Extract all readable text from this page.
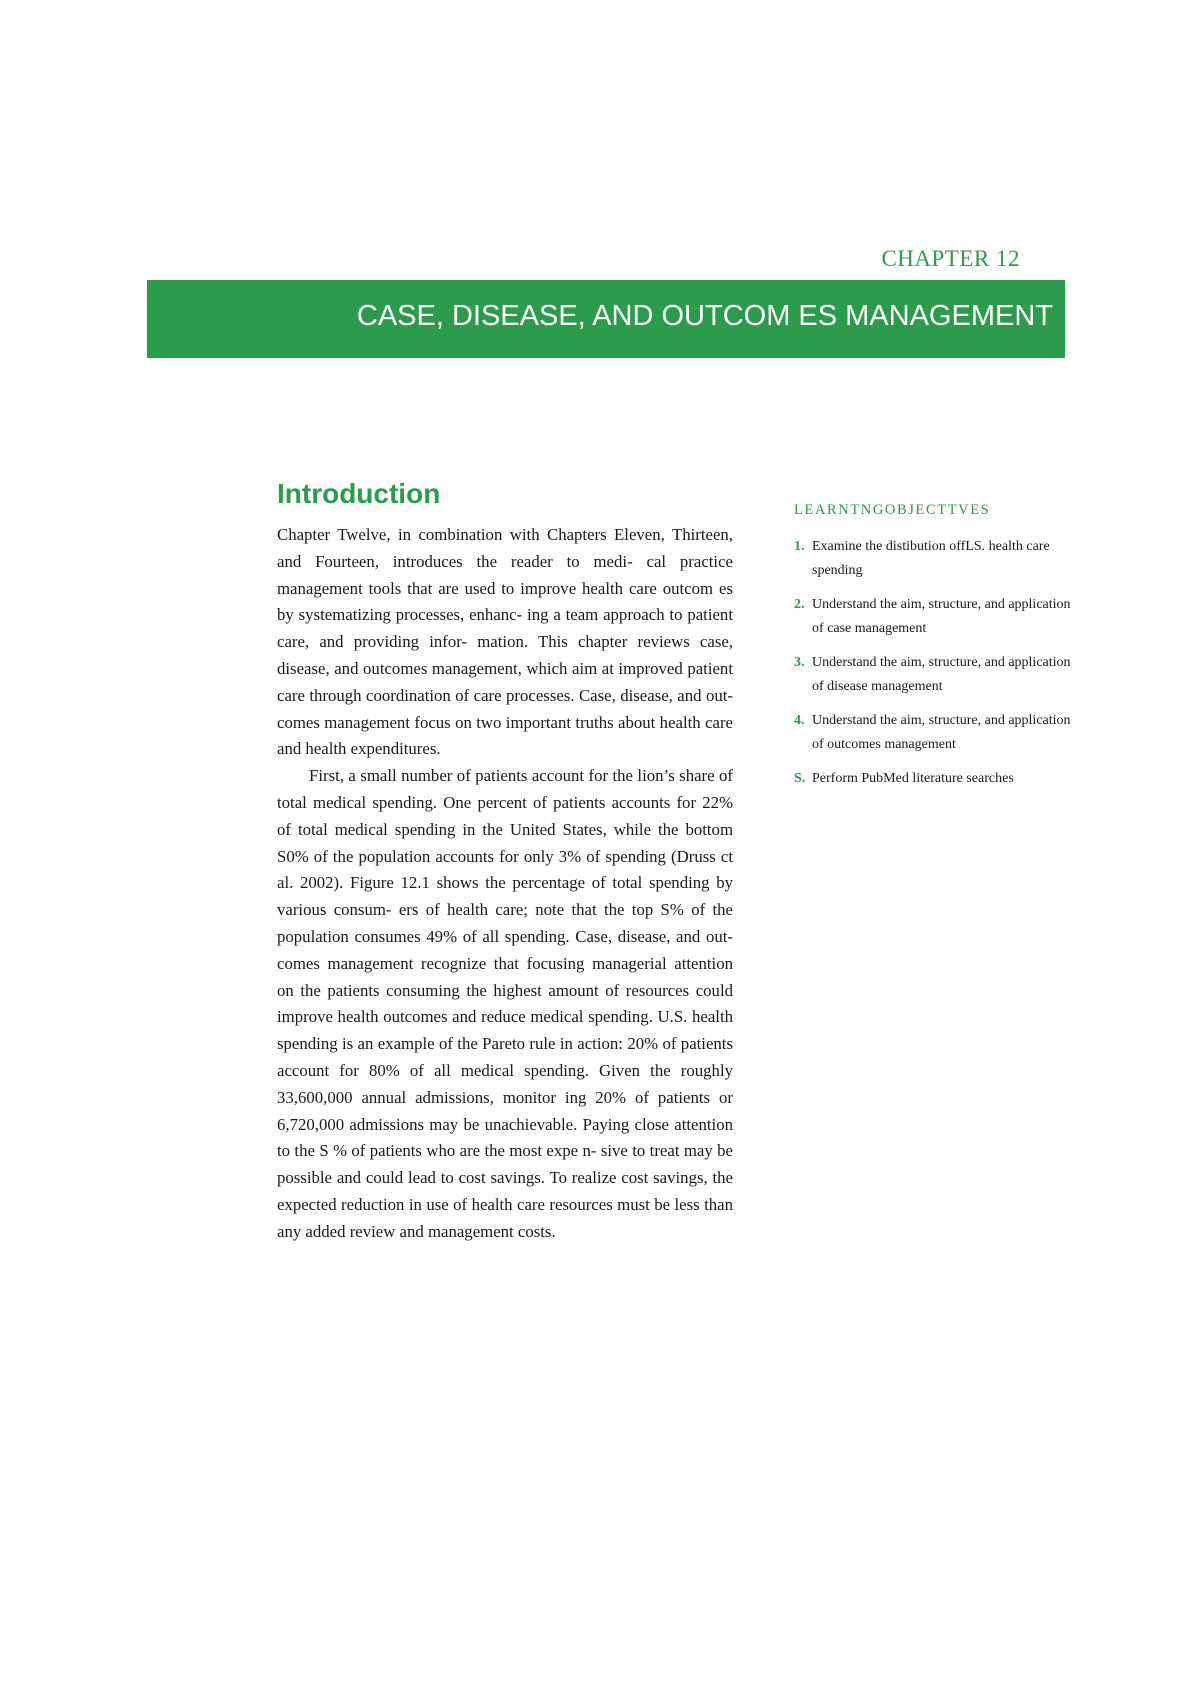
CHAPTER 12
CASE, DISEASE, AND OUTCOM ES MANAGEMENT
Introduction

Chapter Twelve, in combination with Chapters Eleven, Thirteen, and Fourteen, introduces the reader to medi- cal practice management tools that are used to improve health care outcom es by systematizing processes, enhanc- ing a team approach to patient care, and providing infor- mation. This chapter reviews case, disease, and outcomes management, which aim at improved patient care through coordination of care processes. Case, disease, and out- comes management focus on two important truths about health care and health expenditures.

First, a small number of patients account for the lion’s share of total medical spending. One percent of patients accounts for 22% of total medical spending in the United States, while the bottom S0% of the population accounts for only 3% of spending (Druss ct al. 2002). Figure 12.1 shows the percentage of total spending by various consum- ers of health care; note that the top S% of the population consumes 49% of all spending. Case, disease, and out- comes management recognize that focusing managerial attention on the patients consuming the highest amount of resources could improve health outcomes and reduce medical spending. U.S. health spending is an example of the Pareto rule in action: 20% of patients account for 80% of all medical spending. Given the roughly 33,600,000 annual admissions, monitor ing 20% of patients or 6,720,000 admissions may be unachievable. Paying close attention to the S % of patients who are the most expe n- sive to treat may be possible and could lead to cost savings. To realize cost savings, the expected reduction in use of health care resources must be less than any added review and management costs.

LEARNTNGOBJECTTVES
1. Examine the distibution offLS. health care spending
2. Understand the aim, structure, and application of case management
3. Understand the aim, structure, and application of disease management
4. Understand the aim, structure, and application of outcomes management
S. Perform PubMed literature searches
